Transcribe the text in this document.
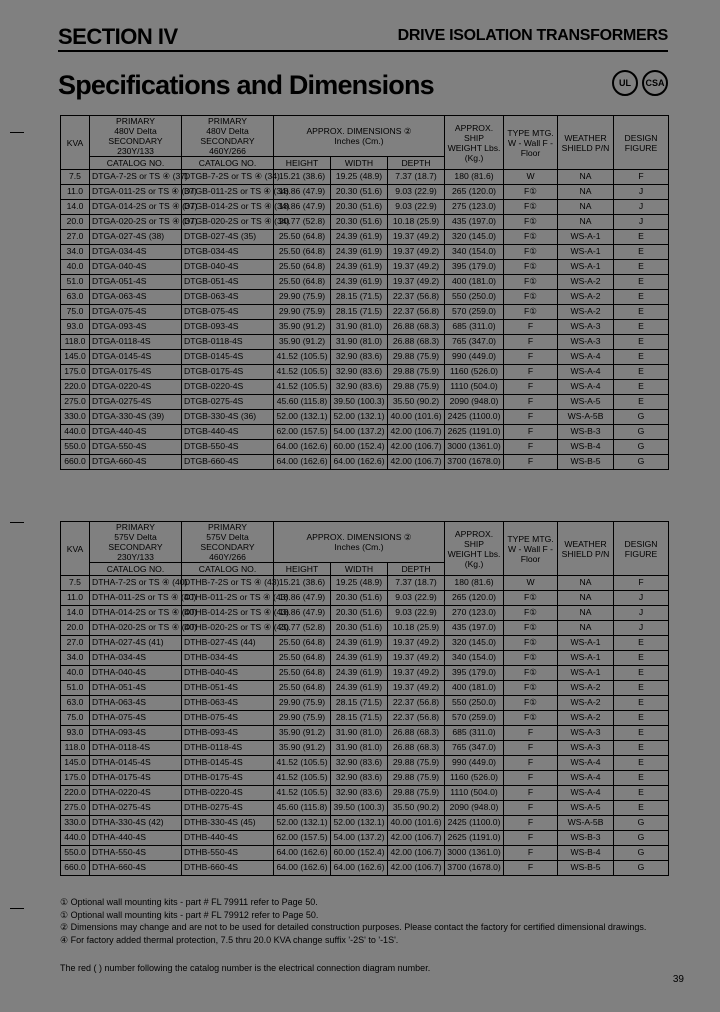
SECTION IV	DRIVE ISOLATION TRANSFORMERS
Specifications and Dimensions	UL	CSA
KVA	PRIMARY
480V Delta
SECONDARY
230Y/133	PRIMARY
480V Delta
SECONDARY
460Y/266	APPROX. DIMENSIONS ②
Inches (Cm.)			APPROX. SHIP WEIGHT Lbs. (Kg.)	TYPE MTG. W - Wall F - Floor	WEATHER SHIELD P/N	DESIGN FIGURE
	CATALOG NO.	CATALOG NO.	HEIGHT	WIDTH	DEPTH				
7.5	DTGA-7-2S or TS ④ (37)	DTGB-7-2S or TS ④ (34)	15.21 (38.6)	19.25 (48.9)	7.37 (18.7)	180 (81.6)	W	NA	F
11.0	DTGA-011-2S or TS ④ (37)	DTGB-011-2S or TS ④ (34)	18.86 (47.9)	20.30 (51.6)	9.03 (22.9)	265 (120.0)	F①	NA	J
14.0	DTGA-014-2S or TS ④ (37)	DTGB-014-2S or TS ④ (34)	18.86 (47.9)	20.30 (51.6)	9.03 (22.9)	275 (123.0)	F①	NA	J
20.0	DTGA-020-2S or TS ④ (37)	DTGB-020-2S or TS ④ (34)	20.77 (52.8)	20.30 (51.6)	10.18 (25.9)	435 (197.0)	F①	NA	J
27.0	DTGA-027-4S (38)	DTGB-027-4S (35)	25.50 (64.8)	24.39 (61.9)	19.37 (49.2)	320 (145.0)	F①	WS-A-1	E
34.0	DTGA-034-4S	DTGB-034-4S	25.50 (64.8)	24.39 (61.9)	19.37 (49.2)	340 (154.0)	F①	WS-A-1	E
40.0	DTGA-040-4S	DTGB-040-4S	25.50 (64.8)	24.39 (61.9)	19.37 (49.2)	395 (179.0)	F①	WS-A-1	E
51.0	DTGA-051-4S	DTGB-051-4S	25.50 (64.8)	24.39 (61.9)	19.37 (49.2)	400 (181.0)	F①	WS-A-2	E
63.0	DTGA-063-4S	DTGB-063-4S	29.90 (75.9)	28.15 (71.5)	22.37 (56.8)	550 (250.0)	F①	WS-A-2	E
75.0	DTGA-075-4S	DTGB-075-4S	29.90 (75.9)	28.15 (71.5)	22.37 (56.8)	570 (259.0)	F①	WS-A-2	E
93.0	DTGA-093-4S	DTGB-093-4S	35.90 (91.2)	31.90 (81.0)	26.88 (68.3)	685 (311.0)	F	WS-A-3	E
118.0	DTGA-0118-4S	DTGB-0118-4S	35.90 (91.2)	31.90 (81.0)	26.88 (68.3)	765 (347.0)	F	WS-A-3	E
145.0	DTGA-0145-4S	DTGB-0145-4S	41.52 (105.5)	32.90 (83.6)	29.88 (75.9)	990 (449.0)	F	WS-A-4	E
175.0	DTGA-0175-4S	DTGB-0175-4S	41.52 (105.5)	32.90 (83.6)	29.88 (75.9)	1160 (526.0)	F	WS-A-4	E
220.0	DTGA-0220-4S	DTGB-0220-4S	41.52 (105.5)	32.90 (83.6)	29.88 (75.9)	1110 (504.0)	F	WS-A-4	E
275.0	DTGA-0275-4S	DTGB-0275-4S	45.60 (115.8)	39.50 (100.3)	35.50 (90.2)	2090 (948.0)	F	WS-A-5	E
330.0	DTGA-330-4S (39)	DTGB-330-4S (36)	52.00 (132.1)	52.00 (132.1)	40.00 (101.6)	2425 (1100.0)	F	WS-A-5B	G
440.0	DTGA-440-4S	DTGB-440-4S	62.00 (157.5)	54.00 (137.2)	42.00 (106.7)	2625 (1191.0)	F	WS-B-3	G
550.0	DTGA-550-4S	DTGB-550-4S	64.00 (162.6)	60.00 (152.4)	42.00 (106.7)	3000 (1361.0)	F	WS-B-4	G
660.0	DTGA-660-4S	DTGB-660-4S	64.00 (162.6)	64.00 (162.6)	42.00 (106.7)	3700 (1678.0)	F	WS-B-5	G
KVA	PRIMARY
575V Delta
SECONDARY
230Y/133	PRIMARY
575V Delta
SECONDARY
460Y/266	APPROX. DIMENSIONS ②
Inches (Cm.)			APPROX. SHIP WEIGHT Lbs. (Kg.)	TYPE MTG. W - Wall F - Floor	WEATHER SHIELD P/N	DESIGN FIGURE
	CATALOG NO.	CATALOG NO.	HEIGHT	WIDTH	DEPTH				
7.5	DTHA-7-2S or TS ④ (40)	DTHB-7-2S or TS ④ (43)	15.21 (38.6)	19.25 (48.9)	7.37 (18.7)	180 (81.6)	W	NA	F
11.0	DTHA-011-2S or TS ④ (40)	DTHB-011-2S or TS ④ (43)	18.86 (47.9)	20.30 (51.6)	9.03 (22.9)	265 (120.0)	F①	NA	J
14.0	DTHA-014-2S or TS ④ (40)	DTHB-014-2S or TS ④ (43)	18.86 (47.9)	20.30 (51.6)	9.03 (22.9)	270 (123.0)	F①	NA	J
20.0	DTHA-020-2S or TS ④ (40)	DTHB-020-2S or TS ④ (43)	20.77 (52.8)	20.30 (51.6)	10.18 (25.9)	435 (197.0)	F①	NA	J
27.0	DTHA-027-4S (41)	DTHB-027-4S (44)	25.50 (64.8)	24.39 (61.9)	19.37 (49.2)	320 (145.0)	F①	WS-A-1	E
34.0	DTHA-034-4S	DTHB-034-4S	25.50 (64.8)	24.39 (61.9)	19.37 (49.2)	340 (154.0)	F①	WS-A-1	E
40.0	DTHA-040-4S	DTHB-040-4S	25.50 (64.8)	24.39 (61.9)	19.37 (49.2)	395 (179.0)	F①	WS-A-1	E
51.0	DTHA-051-4S	DTHB-051-4S	25.50 (64.8)	24.39 (61.9)	19.37 (49.2)	400 (181.0)	F①	WS-A-2	E
63.0	DTHA-063-4S	DTHB-063-4S	29.90 (75.9)	28.15 (71.5)	22.37 (56.8)	550 (250.0)	F①	WS-A-2	E
75.0	DTHA-075-4S	DTHB-075-4S	29.90 (75.9)	28.15 (71.5)	22.37 (56.8)	570 (259.0)	F①	WS-A-2	E
93.0	DTHA-093-4S	DTHB-093-4S	35.90 (91.2)	31.90 (81.0)	26.88 (68.3)	685 (311.0)	F	WS-A-3	E
118.0	DTHA-0118-4S	DTHB-0118-4S	35.90 (91.2)	31.90 (81.0)	26.88 (68.3)	765 (347.0)	F	WS-A-3	E
145.0	DTHA-0145-4S	DTHB-0145-4S	41.52 (105.5)	32.90 (83.6)	29.88 (75.9)	990 (449.0)	F	WS-A-4	E
175.0	DTHA-0175-4S	DTHB-0175-4S	41.52 (105.5)	32.90 (83.6)	29.88 (75.9)	1160 (526.0)	F	WS-A-4	E
220.0	DTHA-0220-4S	DTHB-0220-4S	41.52 (105.5)	32.90 (83.6)	29.88 (75.9)	1110 (504.0)	F	WS-A-4	E
275.0	DTHA-0275-4S	DTHB-0275-4S	45.60 (115.8)	39.50 (100.3)	35.50 (90.2)	2090 (948.0)	F	WS-A-5	E
330.0	DTHA-330-4S (42)	DTHB-330-4S (45)	52.00 (132.1)	52.00 (132.1)	40.00 (101.6)	2425 (1100.0)	F	WS-A-5B	G
440.0	DTHA-440-4S	DTHB-440-4S	62.00 (157.5)	54.00 (137.2)	42.00 (106.7)	2625 (1191.0)	F	WS-B-3	G
550.0	DTHA-550-4S	DTHB-550-4S	64.00 (162.6)	60.00 (152.4)	42.00 (106.7)	3000 (1361.0)	F	WS-B-4	G
660.0	DTHA-660-4S	DTHB-660-4S	64.00 (162.6)	64.00 (162.6)	42.00 (106.7)	3700 (1678.0)	F	WS-B-5	G
① Optional wall mounting kits - part # FL 79911 refer to Page 50.
① Optional wall mounting kits - part # FL 79912 refer to Page 50.
② Dimensions may change and are not to be used for detailed construction purposes. Please contact the factory for certified dimensional drawings.
④ For factory added thermal protection, 7.5 thru 20.0 KVA change suffix '-2S' to '-1S'.
The red ( ) number following the catalog number is the electrical connection diagram number.
39
